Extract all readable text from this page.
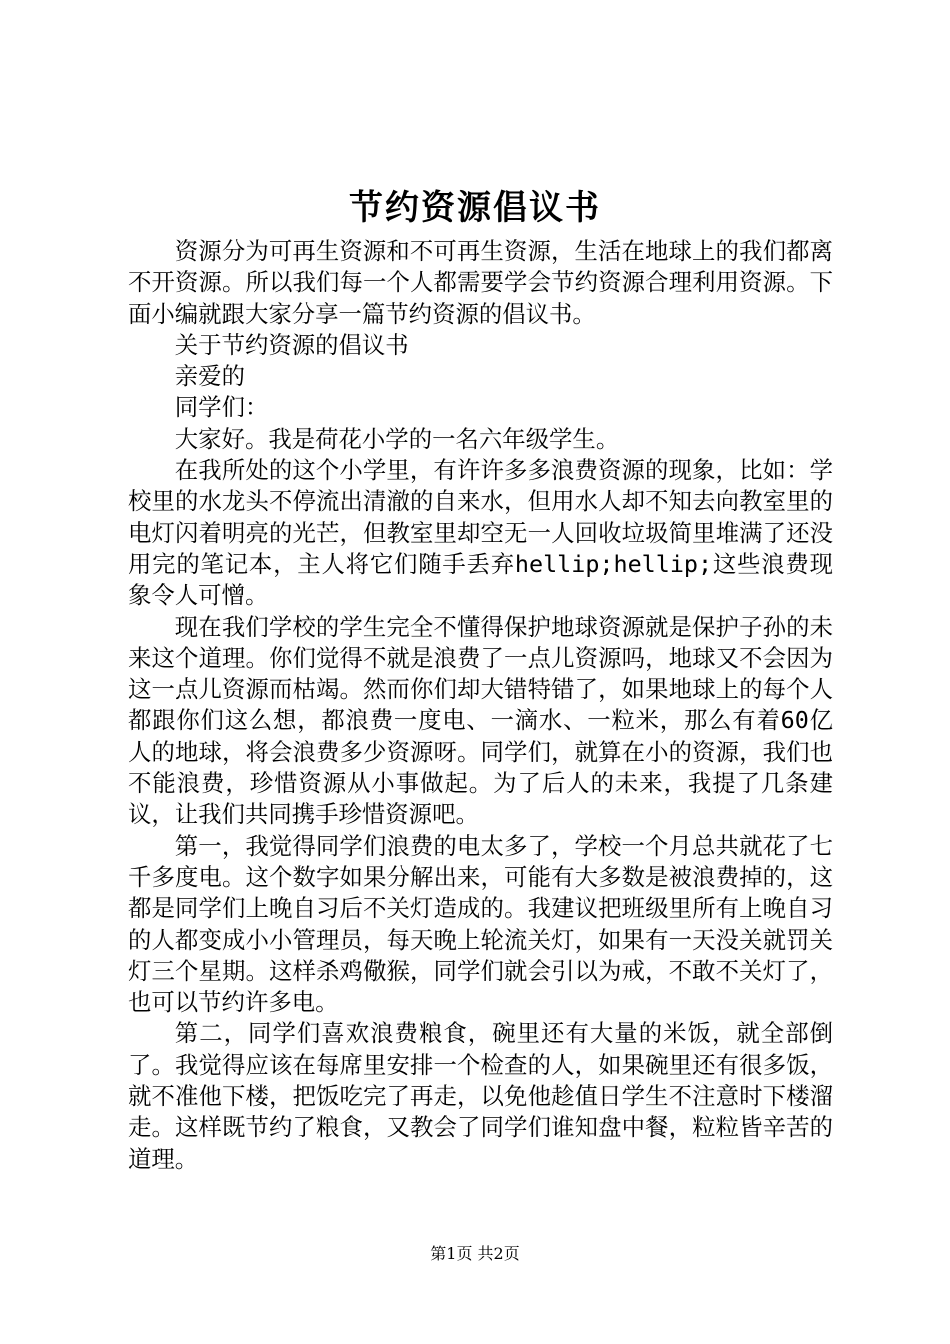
节约资源倡议书

资源分为可再生资源和不可再生资源，生活在地球上的我们都离不开资源。所以我们每一个人都需要学会节约资源合理利用资源。下面小编就跟大家分享一篇节约资源的倡议书。

关于节约资源的倡议书

亲爱的

同学们：

大家好。我是荷花小学的一名六年级学生。

在我所处的这个小学里，有许许多多浪费资源的现象，比如：学校里的水龙头不停流出清澈的自来水，但用水人却不知去向教室里的电灯闪着明亮的光芒，但教室里却空无一人回收垃圾简里堆满了还没用完的笔记本，主人将它们随手丢弃hellip;hellip;这些浪费现象令人可憎。

现在我们学校的学生完全不懂得保护地球资源就是保护子孙的未来这个道理。你们觉得不就是浪费了一点儿资源吗，地球又不会因为这一点儿资源而枯竭。然而你们却大错特错了，如果地球上的每个人都跟你们这么想，都浪费一度电、一滴水、一粒米，那么有着60亿人的地球，将会浪费多少资源呀。同学们，就算在小的资源，我们也不能浪费，珍惜资源从小事做起。为了后人的未来，我提了几条建议，让我们共同携手珍惜资源吧。

第一，我觉得同学们浪费的电太多了，学校一个月总共就花了七千多度电。这个数字如果分解出来，可能有大多数是被浪费掉的，这都是同学们上晚自习后不关灯造成的。我建议把班级里所有上晚自习的人都变成小小管理员，每天晚上轮流关灯，如果有一天没关就罚关灯三个星期。这样杀鸡儆猴，同学们就会引以为戒，不敢不关灯了，也可以节约许多电。

第二，同学们喜欢浪费粮食，碗里还有大量的米饭，就全部倒了。我觉得应该在每席里安排一个检查的人，如果碗里还有很多饭，就不准他下楼，把饭吃完了再走，以免他趁值日学生不注意时下楼溜走。这样既节约了粮食，又教会了同学们谁知盘中餐，粒粒皆辛苦的道理。

第1页 共2页
